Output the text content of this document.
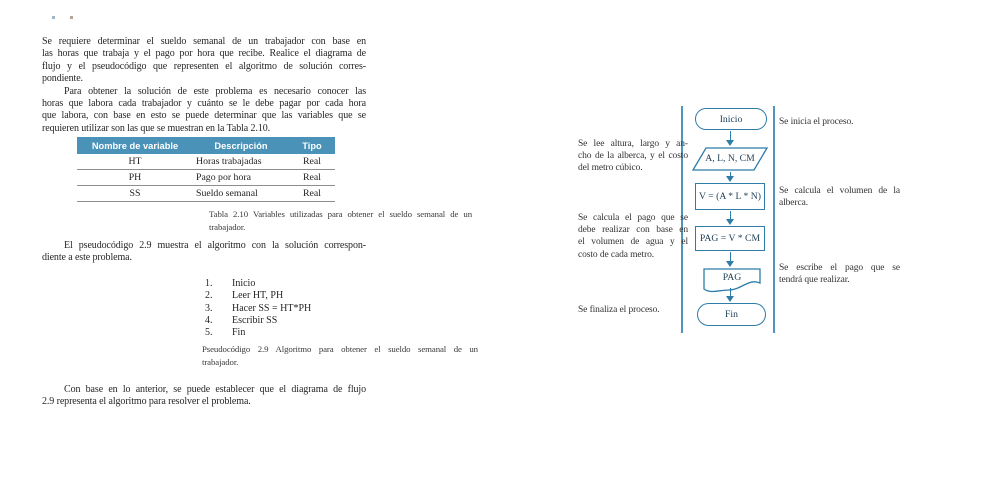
Se requiere determinar el sueldo semanal de un trabajador con base en
las horas que trabaja y el pago por hora que recibe. Realice el diagrama de
flujo y el pseudocódigo que representen el algoritmo de solución corres-
pondiente.
Para obtener la solución de este problema es necesario conocer las
horas que labora cada trabajador y cuánto se le debe pagar por cada hora
que labora, con base en esto se puede determinar que las variables que se
requieren utilizar son las que se muestran en la Tabla 2.10.
Nombre de variable	Descripción	Tipo
HT	Horas trabajadas	Real
PH	Pago por hora	Real
SS	Sueldo semanal	Real
Tabla 2.10 Variables utilizadas para obtener el sueldo semanal de un
trabajador.
El pseudocódigo 2.9 muestra el algoritmo con la solución correspon-
diente a este problema.
1.	Inicio
2.	Leer HT, PH
3.	Hacer SS = HT*PH
4.	Escribir SS
5.	Fin
Pseudocódigo 2.9 Algoritmo para obtener el sueldo semanal de un
trabajador.
Con base en lo anterior, se puede establecer que el diagrama de flujo
2.9 representa el algoritmo para resolver el problema.
Inicio
A, L, N, CM
V = (A * L * N)
PAG = V * CM
PAG
Fin
Se lee altura, largo y an-
cho de la alberca, y el costo
del metro cúbico.
Se calcula el pago que se
debe realizar con base en
el volumen de agua y el
costo de cada metro.
Se finaliza el proceso.
Se inicia el proceso.
Se calcula el volumen de la
alberca.
Se escribe el pago que se
tendrá que realizar.
